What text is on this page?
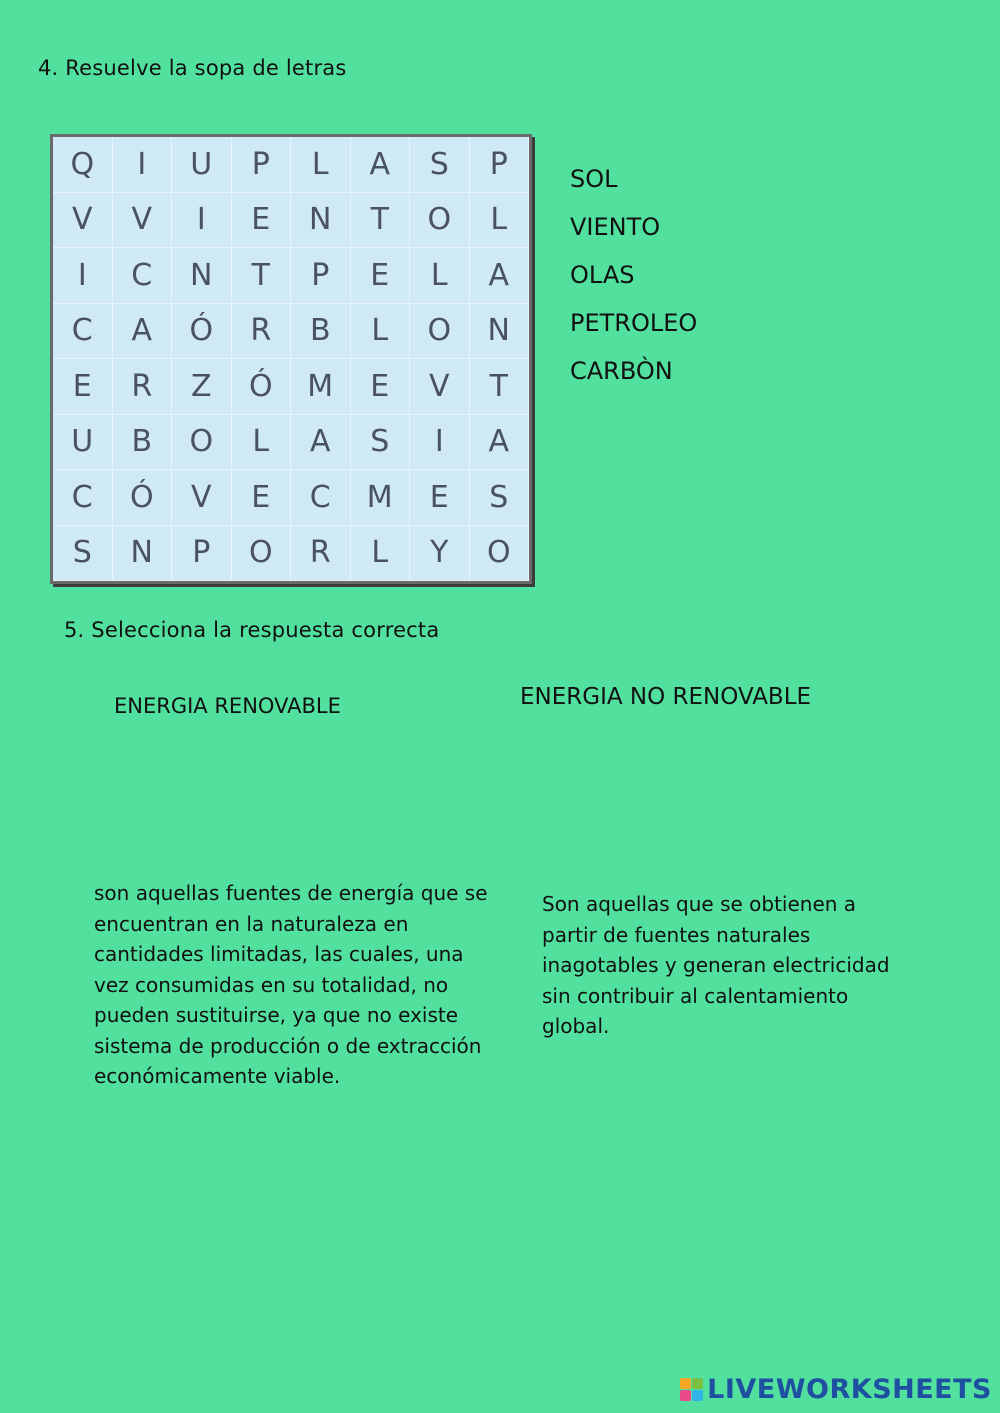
4. Resuelve la sopa de letras
Q	I	U	P	L	A	S	P
V	V	I	E	N	T	O	L
I	C	N	T	P	E	L	A
C	A	Ó	R	B	L	O	N
E	R	Z	Ó	M	E	V	T
U	B	O	L	A	S	I	A
C	Ó	V	E	C	M	E	S
S	N	P	O	R	L	Y	O
SOL
VIENTO
OLAS
PETROLEO
CARBÒN
5. Selecciona la respuesta correcta
ENERGIA RENOVABLE	ENERGIA NO RENOVABLE

son aquellas fuentes de energía que se encuentran en la naturaleza en cantidades limitadas, las cuales, una vez consumidas en su totalidad, no pueden sustituirse, ya que no existe sistema de producción o de extracción económicamente viable.

Son aquellas que se obtienen a partir de fuentes naturales inagotables y generan electricidad sin contribuir al calentamiento global.

LIVEWORKSHEETS
